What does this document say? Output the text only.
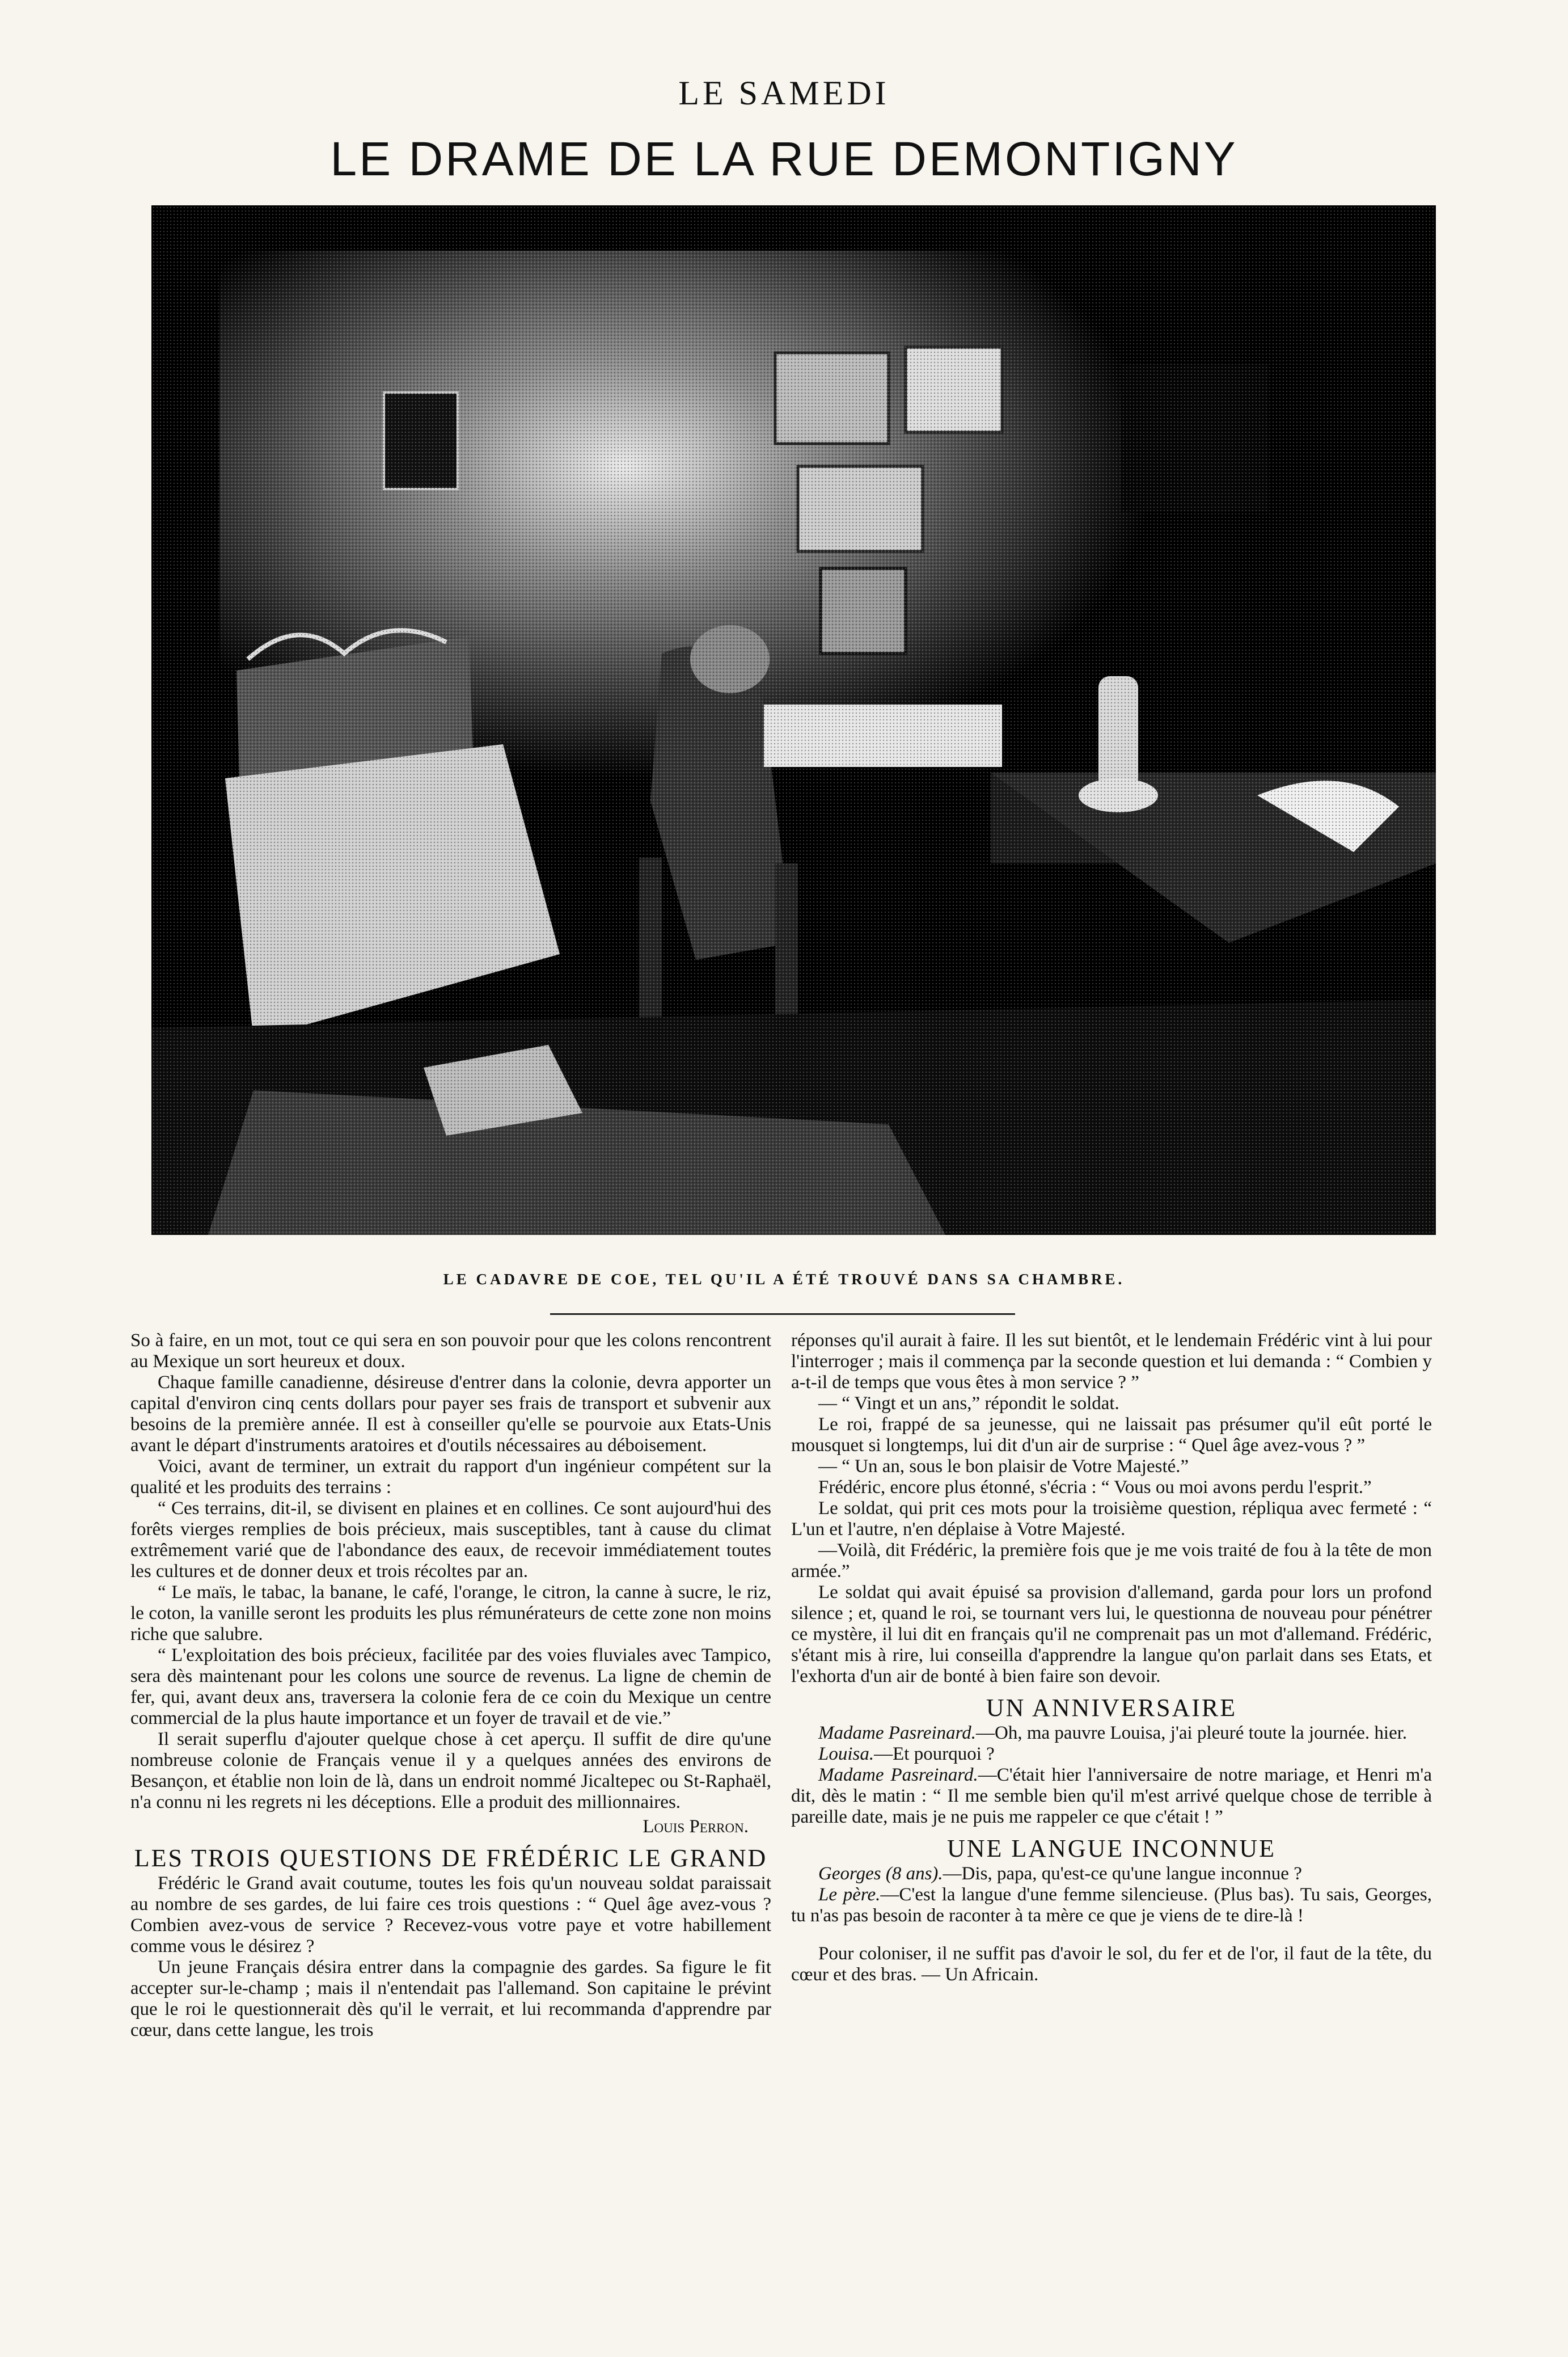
LE SAMEDI
LE DRAME DE LA RUE DEMONTIGNY
LE CADAVRE DE COE, TEL QU'IL A ÉTÉ TROUVÉ DANS SA CHAMBRE.

So à faire, en un mot, tout ce qui sera en son pouvoir pour que les colons rencontrent au Mexique un sort heureux et doux.

Chaque famille canadienne, désireuse d'entrer dans la colonie, devra apporter un capital d'environ cinq cents dollars pour payer ses frais de transport et subvenir aux besoins de la première année. Il est à conseiller qu'elle se pourvoie aux Etats-Unis avant le départ d'instruments aratoires et d'outils nécessaires au déboisement.

Voici, avant de terminer, un extrait du rapport d'un ingénieur compétent sur la qualité et les produits des terrains :

“ Ces terrains, dit-il, se divisent en plaines et en collines. Ce sont aujourd'hui des forêts vierges remplies de bois précieux, mais susceptibles, tant à cause du climat extrêmement varié que de l'abondance des eaux, de recevoir immédiatement toutes les cultures et de donner deux et trois récoltes par an.

“ Le maïs, le tabac, la banane, le café, l'orange, le citron, la canne à sucre, le riz, le coton, la vanille seront les produits les plus rémunérateurs de cette zone non moins riche que salubre.

“ L'exploitation des bois précieux, facilitée par des voies fluviales avec Tampico, sera dès maintenant pour les colons une source de revenus. La ligne de chemin de fer, qui, avant deux ans, traversera la colonie fera de ce coin du Mexique un centre commercial de la plus haute importance et un foyer de travail et de vie.”

Il serait superflu d'ajouter quelque chose à cet aperçu. Il suffit de dire qu'une nombreuse colonie de Français venue il y a quelques années des environs de Besançon, et établie non loin de là, dans un endroit nommé Jicaltepec ou St-Raphaël, n'a connu ni les regrets ni les déceptions. Elle a produit des millionnaires.

Louis Perron.
LES TROIS QUESTIONS DE FRÉDÉRIC LE GRAND

Frédéric le Grand avait coutume, toutes les fois qu'un nouveau soldat paraissait au nombre de ses gardes, de lui faire ces trois questions : “ Quel âge avez-vous ? Combien avez-vous de service ? Recevez-vous votre paye et votre habillement comme vous le désirez ?

Un jeune Français désira entrer dans la compagnie des gardes. Sa figure le fit accepter sur-le-champ ; mais il n'entendait pas l'allemand. Son capitaine le prévint que le roi le questionnerait dès qu'il le verrait, et lui recommanda d'apprendre par cœur, dans cette langue, les trois

réponses qu'il aurait à faire. Il les sut bientôt, et le lendemain Frédéric vint à lui pour l'interroger ; mais il commença par la seconde question et lui demanda : “ Combien y a-t-il de temps que vous êtes à mon service ? ”

— “ Vingt et un ans,” répondit le soldat.

Le roi, frappé de sa jeunesse, qui ne laissait pas présumer qu'il eût porté le mousquet si longtemps, lui dit d'un air de surprise : “ Quel âge avez-vous ? ”

— “ Un an, sous le bon plaisir de Votre Majesté.”

Frédéric, encore plus étonné, s'écria : “ Vous ou moi avons perdu l'esprit.”

Le soldat, qui prit ces mots pour la troisième question, répliqua avec fermeté : “ L'un et l'autre, n'en déplaise à Votre Majesté.

—Voilà, dit Frédéric, la première fois que je me vois traité de fou à la tête de mon armée.”

Le soldat qui avait épuisé sa provision d'allemand, garda pour lors un profond silence ; et, quand le roi, se tournant vers lui, le questionna de nouveau pour pénétrer ce mystère, il lui dit en français qu'il ne comprenait pas un mot d'allemand. Frédéric, s'étant mis à rire, lui conseilla d'apprendre la langue qu'on parlait dans ses Etats, et l'exhorta d'un air de bonté à bien faire son devoir.

UN ANNIVERSAIRE

Madame Pasreinard.—Oh, ma pauvre Louisa, j'ai pleuré toute la journée. hier.

Louisa.—Et pourquoi ?

Madame Pasreinard.—C'était hier l'anniversaire de notre mariage, et Henri m'a dit, dès le matin : “ Il me semble bien qu'il m'est arrivé quelque chose de terrible à pareille date, mais je ne puis me rappeler ce que c'était ! ”

UNE LANGUE INCONNUE

Georges (8 ans).—Dis, papa, qu'est-ce qu'une langue inconnue ?

Le père.—C'est la langue d'une femme silencieuse. (Plus bas). Tu sais, Georges, tu n'as pas besoin de raconter à ta mère ce que je viens de te dire-là !

Pour coloniser, il ne suffit pas d'avoir le sol, du fer et de l'or, il faut de la tête, du cœur et des bras. — Un Africain.
